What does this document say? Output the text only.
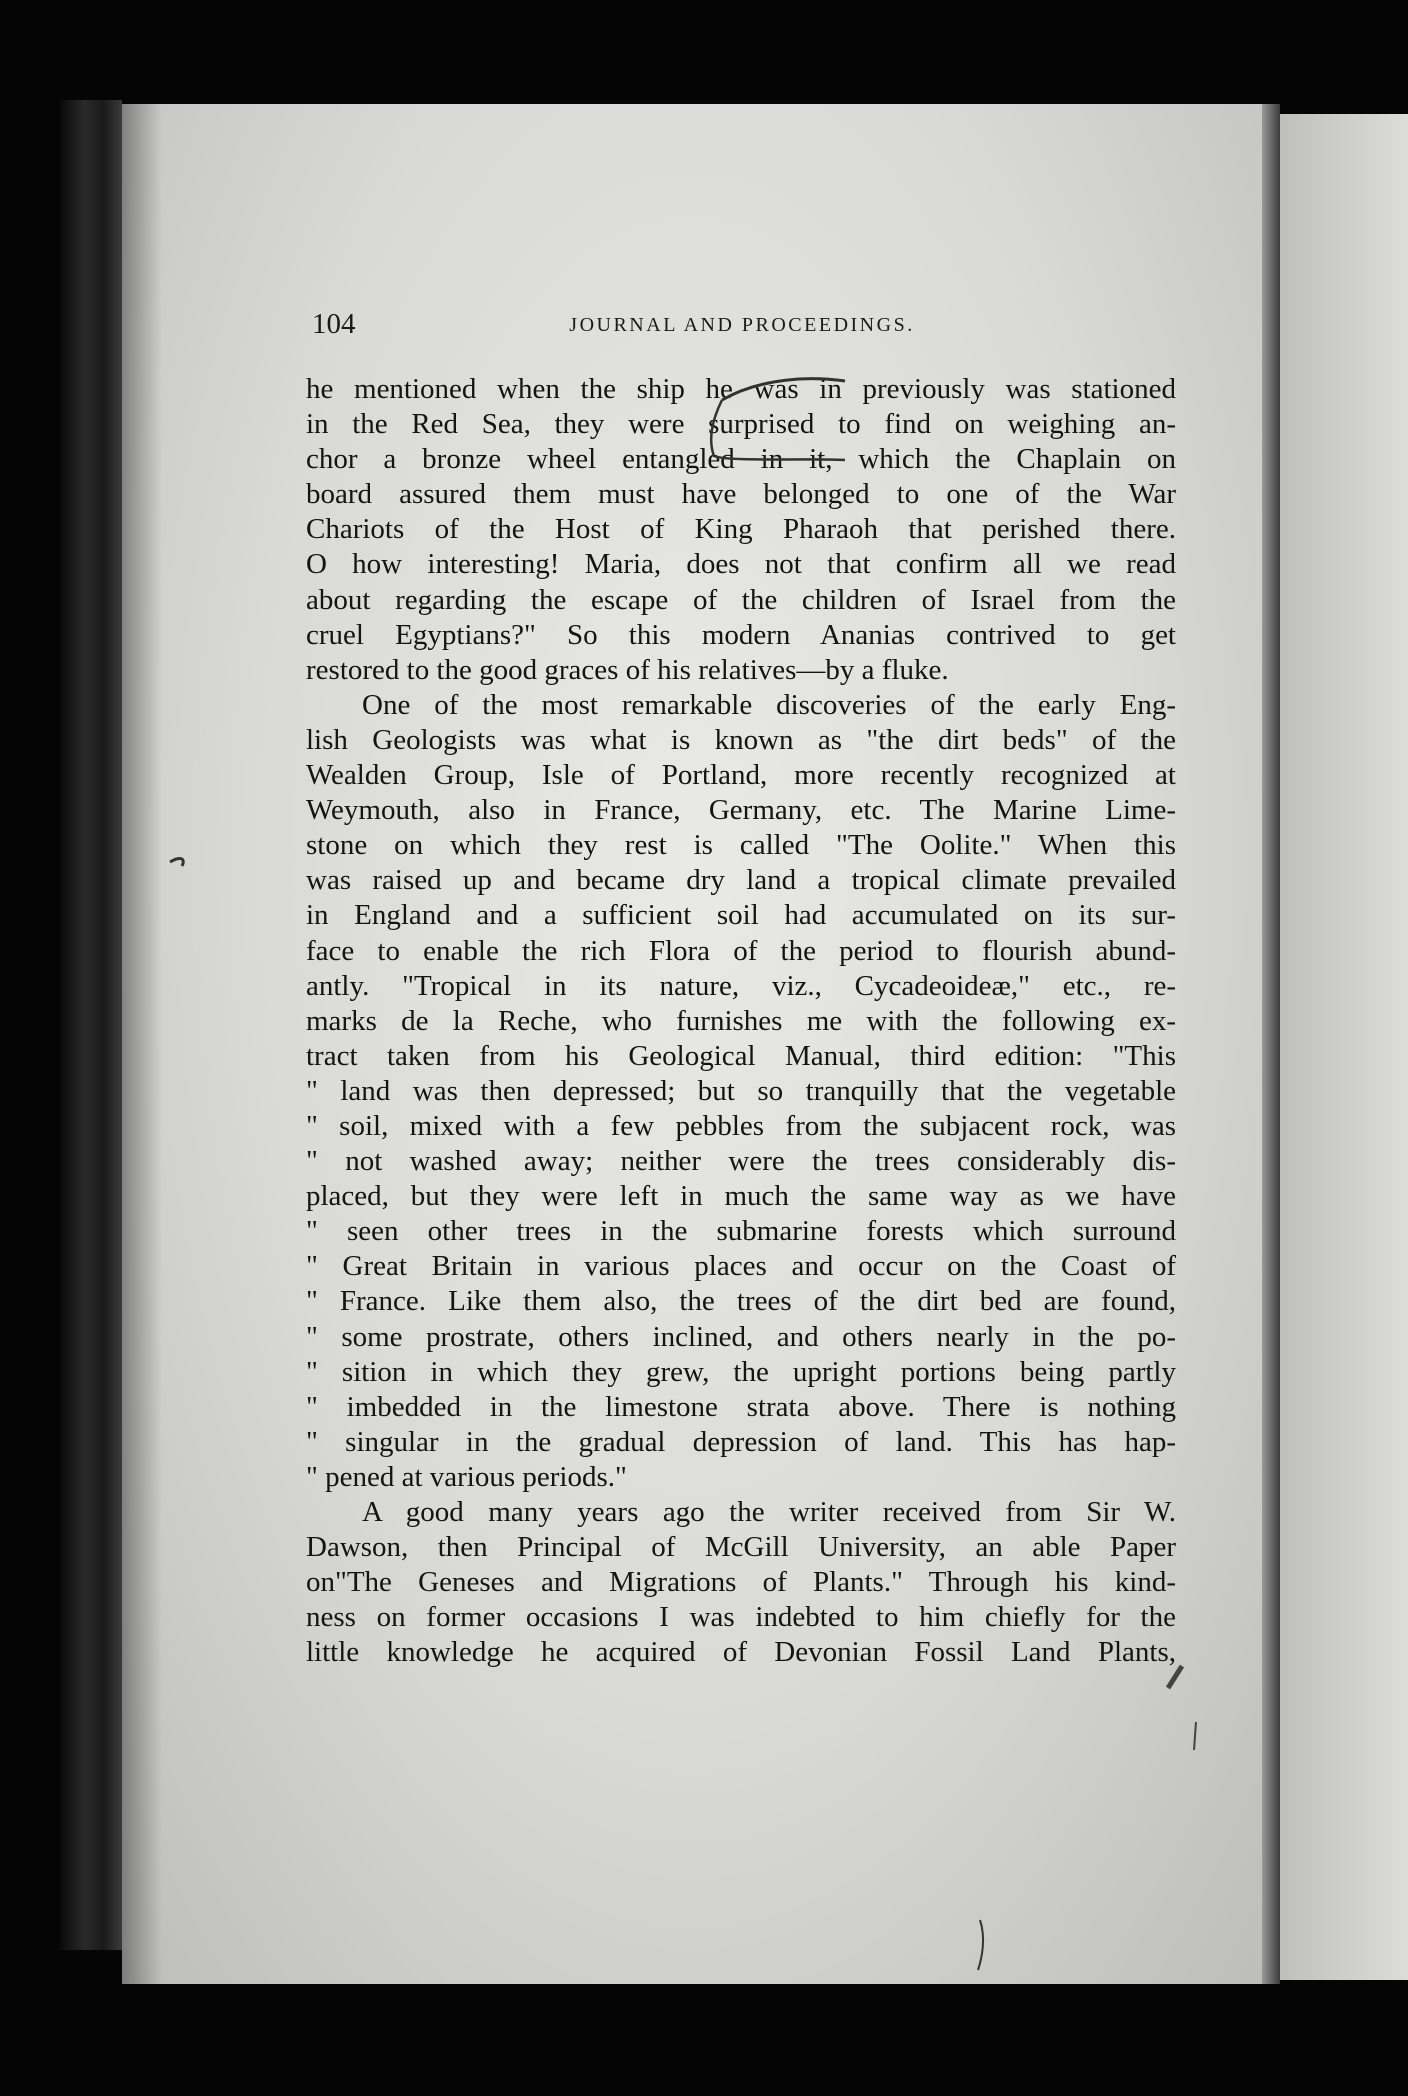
104	JOURNAL AND PROCEEDINGS.
he mentioned when the ship he was in previously was stationed
in the Red Sea, they were surprised to find on weighing an-
chor a bronze wheel entangled in it, which the Chaplain on
board assured them must have belonged to one of the War
Chariots of the Host of King Pharaoh that perished there.
O how interesting! Maria, does not that confirm all we read
about regarding the escape of the children of Israel from the
cruel Egyptians?" So this modern Ananias contrived to get
restored to the good graces of his relatives—by a fluke.
One of the most remarkable discoveries of the early Eng-
lish Geologists was what is known as "the dirt beds" of the
Wealden Group, Isle of Portland, more recently recognized at
Weymouth, also in France, Germany, etc. The Marine Lime-
stone on which they rest is called "The Oolite." When this
was raised up and became dry land a tropical climate prevailed
in England and a sufficient soil had accumulated on its sur-
face to enable the rich Flora of the period to flourish abund-
antly. "Tropical in its nature, viz., Cycadeoideæ," etc., re-
marks de la Reche, who furnishes me with the following ex-
tract taken from his Geological Manual, third edition: "This
" land was then depressed; but so tranquilly that the vegetable
" soil, mixed with a few pebbles from the subjacent rock, was
" not washed away; neither were the trees considerably dis-
placed, but they were left in much the same way as we have
" seen other trees in the submarine forests which surround
" Great Britain in various places and occur on the Coast of
" France. Like them also, the trees of the dirt bed are found,
" some prostrate, others inclined, and others nearly in the po-
" sition in which they grew, the upright portions being partly
" imbedded in the limestone strata above. There is nothing
" singular in the gradual depression of land. This has hap-
" pened at various periods."
A good many years ago the writer received from Sir W.
Dawson, then Principal of McGill University, an able Paper
on"The Geneses and Migrations of Plants." Through his kind-
ness on former occasions I was indebted to him chiefly for the
little knowledge he acquired of Devonian Fossil Land Plants,
